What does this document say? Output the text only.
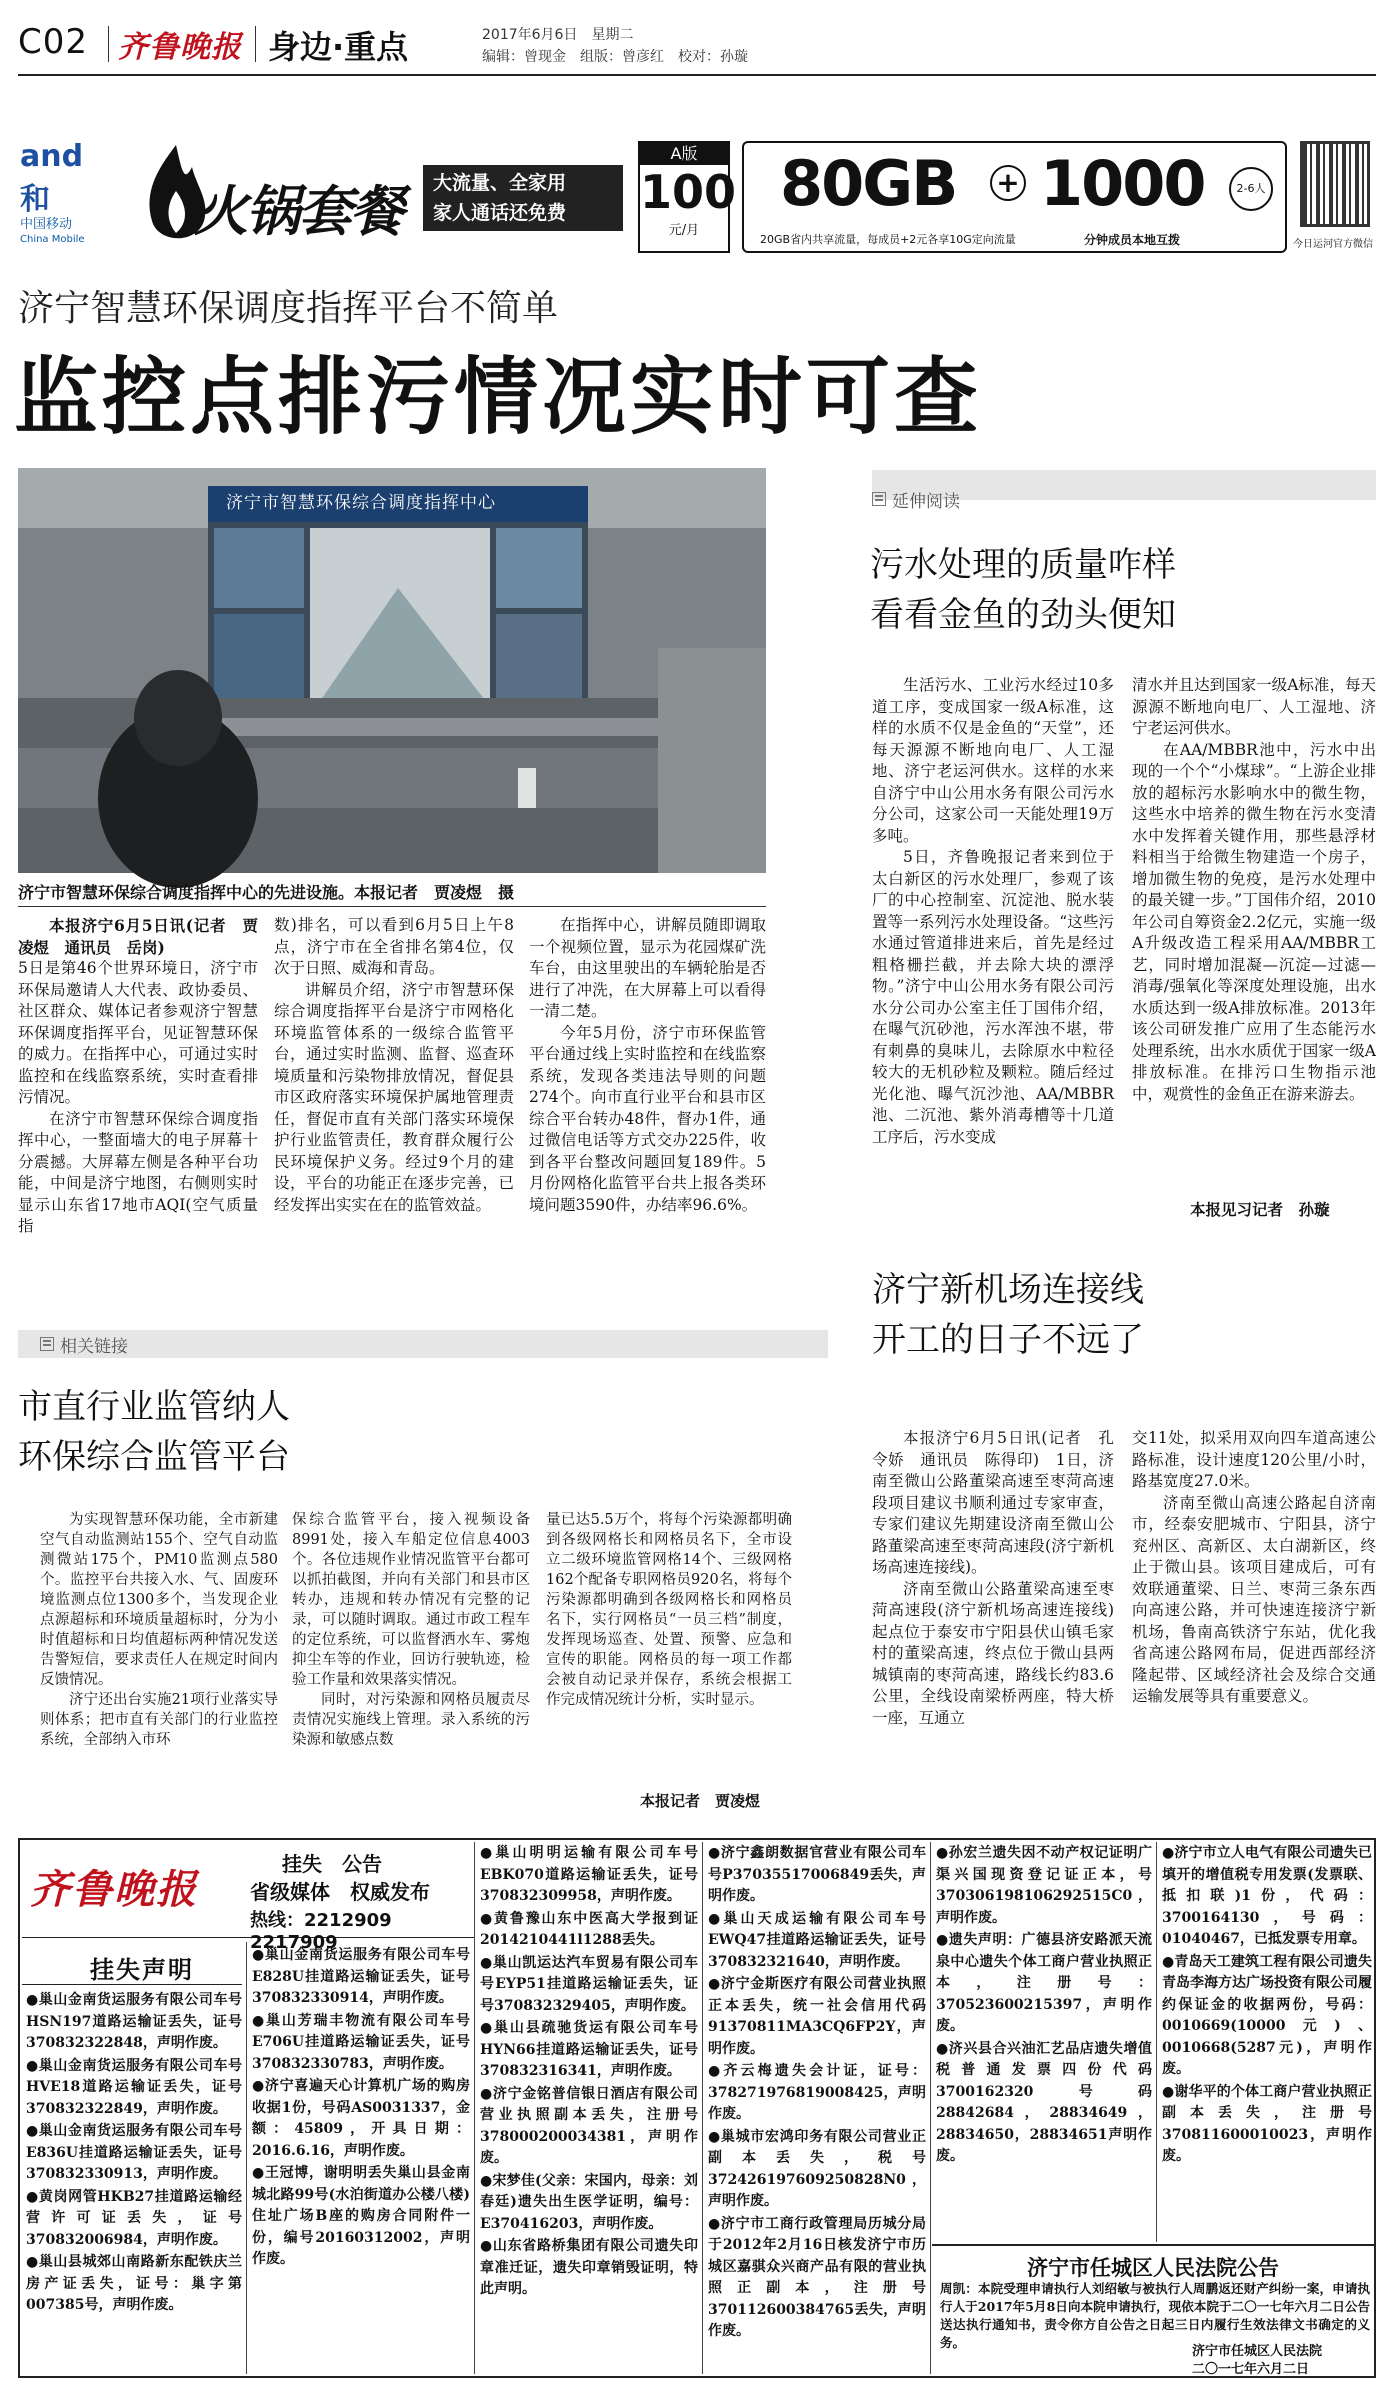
C02 齐鲁晚报 身边·重点	2017年6月6日　 星期二
编辑：曾现金　组版：曾彦红　校对：孙璇
and和
中国移动
China Mobile	火锅套餐 大流量、全家用
家人通话还免费
A版
100
元/月
80GB + 1000	2-6人
20GB省内共享流量，每成员+2元各享10G定向流量	分钟成员本地互拨	今日运河官方微信
济宁智慧环保调度指挥平台不简单
监控点排污情况实时可查
济宁市智慧环保综合调度指挥中心
济宁市智慧环保综合调度指挥中心的先进设施。本报记者　贾凌煜　摄

本报济宁6月5日讯(记者　贾凌煜　通讯员　岳岗)

5日是第46个世界环境日，济宁市环保局邀请人大代表、政协委员、社区群众、媒体记者参观济宁智慧环保调度指挥平台，见证智慧环保的威力。在指挥中心，可通过实时监控和在线监察系统，实时查看排污情况。

在济宁市智慧环保综合调度指挥中心，一整面墙大的电子屏幕十分震撼。大屏幕左侧是各种平台功能，中间是济宁地图，右侧则实时显示山东省17地市AQI(空气质量指

数)排名，可以看到6月5日上午8点，济宁市在全省排名第4位，仅次于日照、威海和青岛。

讲解员介绍，济宁市智慧环保综合调度指挥平台是济宁市网格化环境监管体系的一级综合监管平台，通过实时监测、监督、巡查环境质量和污染物排放情况，督促县市区政府落实环境保护属地管理责任，督促市直有关部门落实环境保护行业监管责任，教育群众履行公民环境保护义务。经过9个月的建设，平台的功能正在逐步完善，已经发挥出实实在在的监管效益。

在指挥中心，讲解员随即调取一个视频位置，显示为花园煤矿洗车台，由这里驶出的车辆轮胎是否进行了冲洗，在大屏幕上可以看得一清二楚。

今年5月份，济宁市环保监管平台通过线上实时监控和在线监察系统，发现各类违法导则的问题274个。向市直行业平台和县市区综合平台转办48件，督办1件，通过微信电话等方式交办225件，收到各平台整改问题回复189件。5月份网格化监管平台共上报各类环境问题3590件，办结率96.6%。

延伸阅读
污水处理的质量咋样
看看金鱼的劲头便知

生活污水、工业污水经过10多道工序，变成国家一级A标准，这样的水质不仅是金鱼的“天堂”，还每天源源不断地向电厂、人工湿地、济宁老运河供水。这样的水来自济宁中山公用水务有限公司污水分公司，这家公司一天能处理19万多吨。

5日，齐鲁晚报记者来到位于太白新区的污水处理厂，参观了该厂的中心控制室、沉淀池、脱水装置等一系列污水处理设备。“这些污水通过管道排进来后，首先是经过粗格栅拦截，并去除大块的漂浮物。”济宁中山公用水务有限公司污水分公司办公室主任丁国伟介绍，在曝气沉砂池，污水浑浊不堪，带有刺鼻的臭味儿，去除原水中粒径较大的无机砂粒及颗粒。随后经过光化池、曝气沉沙池、AA/MBBR池、二沉池、紫外消毒槽等十几道工序后，污水变成

清水并且达到国家一级A标准，每天源源不断地向电厂、人工湿地、济宁老运河供水。

在AA/MBBR池中，污水中出现的一个个“小煤球”。“上游企业排放的超标污水影响水中的微生物，这些水中培养的微生物在污水变清水中发挥着关键作用，那些悬浮材料相当于给微生物建造一个房子，增加微生物的免疫，是污水处理中的最关键一步。”丁国伟介绍，2010年公司自筹资金2.2亿元，实施一级A升级改造工程采用AA/MBBR工艺，同时增加混凝—沉淀—过滤—消毒/强氧化等深度处理设施，出水水质达到一级A排放标准。2013年该公司研发推广应用了生态能污水处理系统，出水水质优于国家一级A排放标准。在排污口生物指示池中，观赏性的金鱼正在游来游去。

本报见习记者　孙璇
济宁新机场连接线
开工的日子不远了

本报济宁6月5日讯(记者　孔令娇　通讯员　陈得印)　1日，济南至微山公路董梁高速至枣菏高速段项目建议书顺利通过专家审查，专家们建议先期建设济南至微山公路董梁高速至枣菏高速段(济宁新机场高速连接线)。

济南至微山公路董梁高速至枣菏高速段(济宁新机场高速连接线)起点位于泰安市宁阳县伏山镇毛家村的董梁高速，终点位于微山县两城镇南的枣菏高速，路线长约83.6公里，全线设南梁桥两座，特大桥一座，互通立

交11处，拟采用双向四车道高速公路标准，设计速度120公里/小时，路基宽度27.0米。

济南至微山高速公路起自济南市，经泰安肥城市、宁阳县，济宁兖州区、高新区、太白湖新区，终止于微山县。该项目建成后，可有效联通董梁、日兰、枣菏三条东西向高速公路，并可快速连接济宁新机场，鲁南高铁济宁东站，优化我省高速公路网布局，促进西部经济隆起带、区域经济社会及综合交通运输发展等具有重要意义。

相关链接
市直行业监管纳人
环保综合监管平台

为实现智慧环保功能，全市新建空气自动监测站155个、空气自动监测微站175个，PM10监测点580个。监控平台共接入水、气、固废环境监测点位1300多个，当发现企业点源超标和环境质量超标时，分为小时值超标和日均值超标两种情况发送告警短信，要求责任人在规定时间内反馈情况。

济宁还出台实施21项行业落实导则体系；把市直有关部门的行业监控系统，全部纳入市环

保综合监管平台，接入视频设备8991处，接入车船定位信息4003个。各位违规作业情况监管平台都可以抓拍截图，并向有关部门和县市区转办，违规和转办情况有完整的记录，可以随时调取。通过市政工程车的定位系统，可以监督洒水车、雾炮抑尘车等的作业，回访行驶轨迹，检验工作量和效果落实情况。

同时，对污染源和网格员履责尽责情况实施线上管理。录入系统的污染源和敏感点数

量已达5.5万个，将每个污染源都明确到各级网格长和网格员名下，全市设立二级环境监管网格14个、三级网格162个配备专职网格员920名，将每个污染源都明确到各级网格长和网格员名下，实行网格员“一员三档”制度，发挥现场巡查、处置、预警、应急和宣传的职能。网格员的每一项工作都会被自动记录并保存，系统会根据工作完成情况统计分析，实时显示。

本报记者　贾凌煜
齐鲁晚报
挂失　公告
省级媒体　权威发布
热线：2212909 2217909
挂失声明
●巢山金南货运服务有限公司车号HSN197道路运输证丢失，证号370832322848，声明作废。
●巢山金南货运服务有限公司车号HVE18道路运输证丢失，证号370832322849，声明作废。
●巢山金南货运服务有限公司车号E836U挂道路运输证丢失，证号370832330913，声明作废。
●黄岗网管HKB27挂道路运输经营许可证丢失，证号370832006984，声明作废。
●巢山县城郊山南路新东配铁庆兰房产证丢失，证号：巢字第007385号，声明作废。
●巢山金南货运服务有限公司车号E828U挂道路运输证丢失，证号370832330914，声明作废。
●巢山芳瑞丰物流有限公司车号E706U挂道路运输证丢失，证号370832330783，声明作废。
●济宁喜遍天心计算机广场的购房收据1份，号码AS0031337，金额：45809，开具日期：2016.6.16，声明作废。
●王冠博，谢明明丢失巢山县金南城北路99号(水泊街道办公楼八楼)住址广场B座的购房合同附件一份，编号20160312002，声明作废。
●巢山明明运输有限公司车号EBK070道路运输证丢失，证号370832309958，声明作废。
●黄鲁豫山东中医高大学报到证2014210441l1288丢失。
●巢山凯运达汽车贸易有限公司车号EYP51挂道路运输证丢失，证号370832329405，声明作废。
●巢山县疏驰货运有限公司车号HYN66挂道路运输证丢失，证号370832316341，声明作废。
●济宁金铭普信银日酒店有限公司营业执照副本丢失，注册号378000200034381，声明作废。
●宋梦佳(父亲：宋国内，母亲：刘春廷)遗失出生医学证明，编号：E370416203，声明作废。
●山东省路桥集团有限公司遗失印章准迁证，遗失印章销毁证明，特此声明。
●济宁鑫朗数据官营业有限公司车号P37035517006849丢失，声明作废。
●巢山天成运输有限公司车号EWQ47挂道路运输证丢失，证号370832321640，声明作废。
●济宁金斯医疗有限公司营业执照正本丢失，统一社会信用代码91370811MA3CQ6FP2Y，声明作废。
●齐云梅遗失会计证，证号：378271976819008425，声明作废。
●巢城市宏鸿印务有限公司营业正副本丢失，税号372426197609250828N0，声明作废。
●济宁市工商行政管理局历城分局于2012年2月16日核发济宁市历城区嘉骐众兴商产品有限的营业执照正副本，注册号370112600384765丢失，声明作废。
●孙宏兰遗失因不动产权记证明广渠兴国现资登记证正本，号370306198106292515C0，声明作废。
●遗失声明：广德县济安路派天流泉中心遗失个体工商户营业执照正本，注册号：370523600215397，声明作废。
●济兴县合兴油汇艺品店遗失增值税普通发票四份代码3700162320号码28842684，28834649，28834650，28834651声明作废。
●济宁市立人电气有限公司遗失已填开的增值税专用发票(发票联、抵扣联)1份，代码：3700164130，号码：01040467，已抵发票专用章。
●青岛天工建筑工程有限公司遗失青岛李海方达广场投资有限公司履约保证金的收据两份，号码：0010669(10000元)、0010668(5287元)，声明作废。
●谢华平的个体工商户营业执照正副本丢失，注册号370811600010023，声明作废。
济宁市任城区人民法院公告
周凯：本院受理申请执行人刘绍敏与被执行人周鹏返还财产纠纷一案，申请执行人于2017年5月8日向本院申请执行，现依本院于二〇一七年六月二日公告送达执行通知书，责令你方自公告之日起三日内履行生效法律文书确定的义务。
济宁市任城区人民法院
二〇一七年六月二日
